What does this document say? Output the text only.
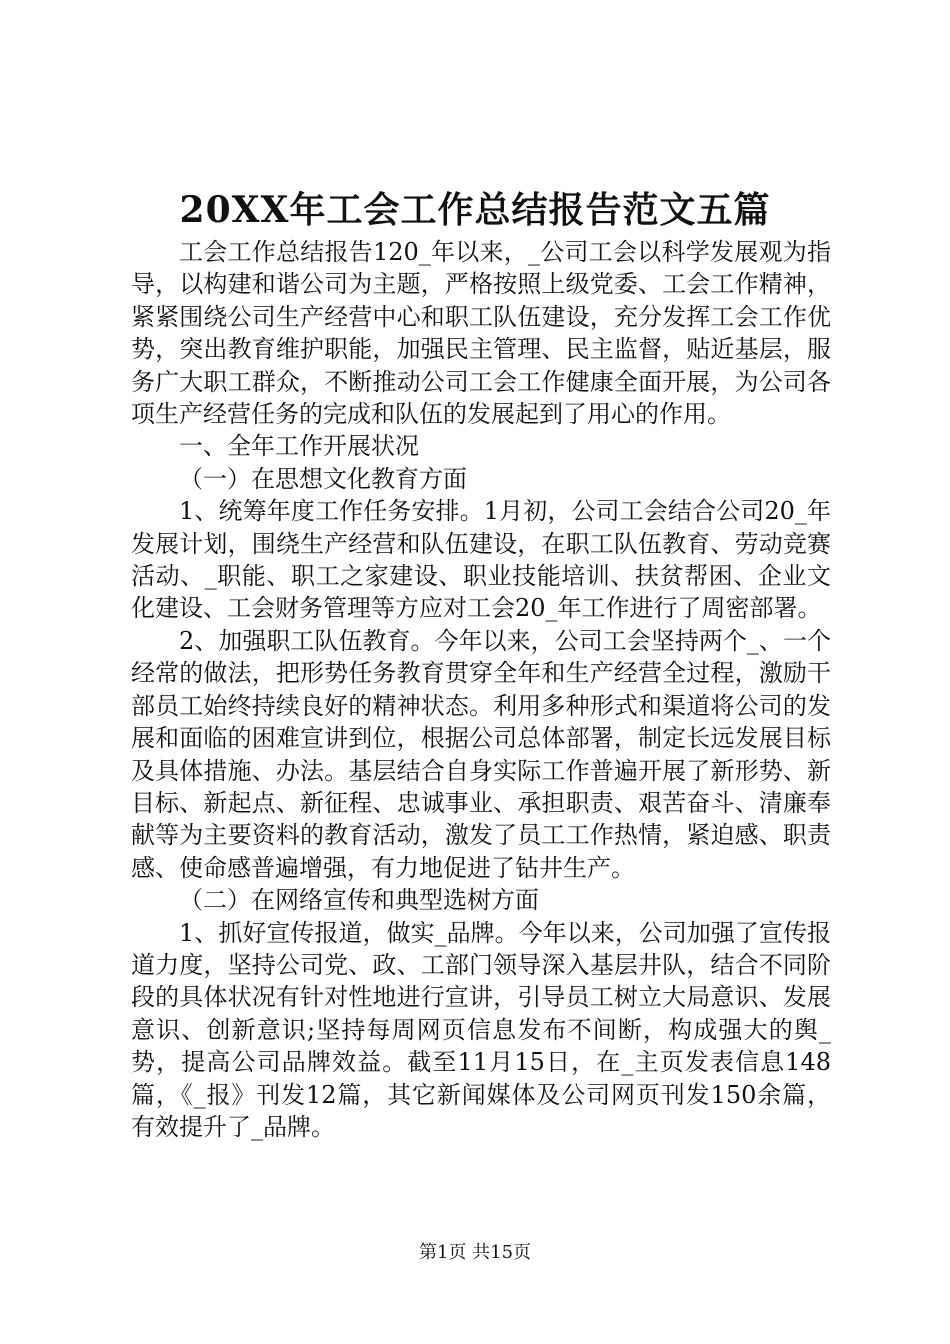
20XX年工会工作总结报告范文五篇

工会工作总结报告120_年以来，_公司工会以科学发展观为指导，以构建和谐公司为主题，严格按照上级党委、工会工作精神，紧紧围绕公司生产经营中心和职工队伍建设，充分发挥工会工作优势，突出教育维护职能，加强民主管理、民主监督，贴近基层，服务广大职工群众，不断推动公司工会工作健康全面开展，为公司各项生产经营任务的完成和队伍的发展起到了用心的作用。

一、全年工作开展状况

（一）在思想文化教育方面

1、统筹年度工作任务安排。1月初，公司工会结合公司20_年发展计划，围绕生产经营和队伍建设，在职工队伍教育、劳动竞赛活动、_职能、职工之家建设、职业技能培训、扶贫帮困、企业文化建设、工会财务管理等方应对工会20_年工作进行了周密部署。

2、加强职工队伍教育。今年以来，公司工会坚持两个_、一个经常的做法，把形势任务教育贯穿全年和生产经营全过程，激励干部员工始终持续良好的精神状态。利用多种形式和渠道将公司的发展和面临的困难宣讲到位，根据公司总体部署，制定长远发展目标及具体措施、办法。基层结合自身实际工作普遍开展了新形势、新目标、新起点、新征程、忠诚事业、承担职责、艰苦奋斗、清廉奉献等为主要资料的教育活动，激发了员工工作热情，紧迫感、职责感、使命感普遍增强，有力地促进了钻井生产。

（二）在网络宣传和典型选树方面

1、抓好宣传报道，做实_品牌。今年以来，公司加强了宣传报道力度，坚持公司党、政、工部门领导深入基层井队，结合不同阶段的具体状况有针对性地进行宣讲，引导员工树立大局意识、发展意识、创新意识;坚持每周网页信息发布不间断，构成强大的舆_势，提高公司品牌效益。截至11月15日，在_主页发表信息148篇，《_报》刊发12篇，其它新闻媒体及公司网页刊发150余篇，有效提升了_品牌。

第1页 共15页
